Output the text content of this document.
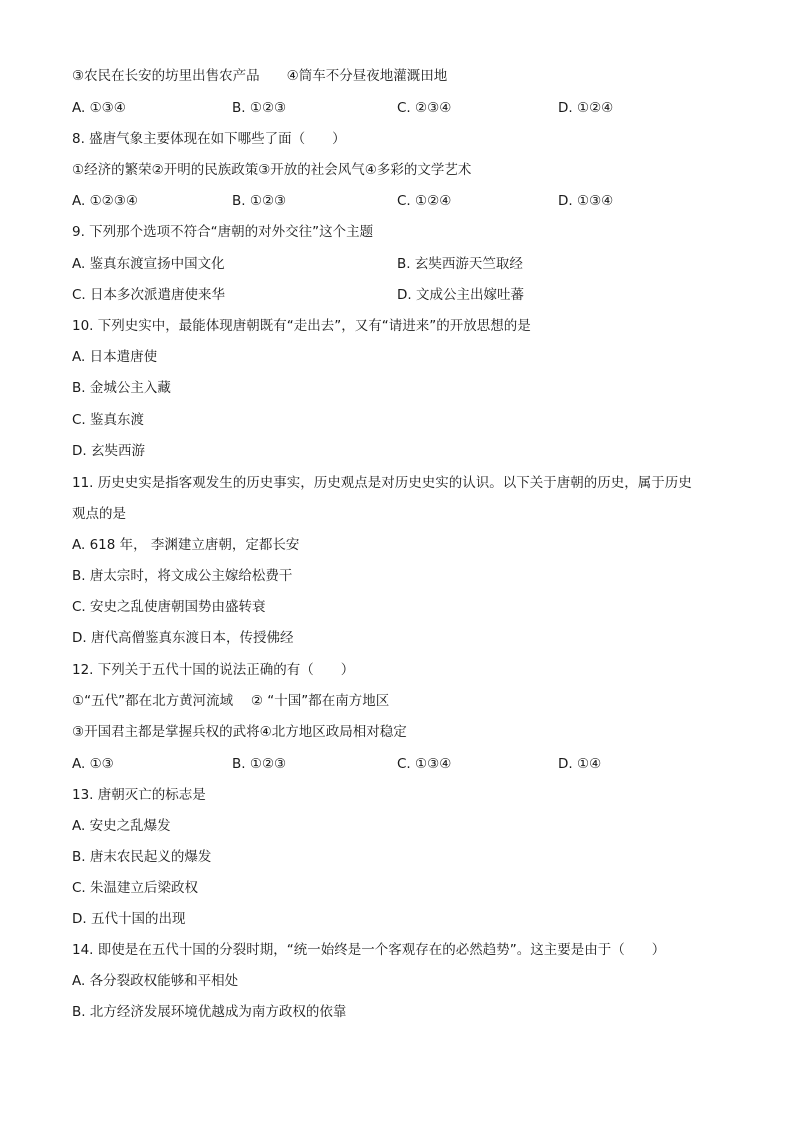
③农民在长安的坊里出售农产品　　④筒车不分昼夜地灌溉田地
A. ①③④	B. ①②③	C. ②③④	D. ①②④
8. 盛唐气象主要体现在如下哪些了面（　　）
①经济的繁荣②开明的民族政策③开放的社会风气④多彩的文学艺术
A. ①②③④	B. ①②③	C. ①②④	D. ①③④
9. 下列那个选项不符合“唐朝的对外交往”这个主题
A. 鉴真东渡宣扬中国文化	B. 玄奘西游天竺取经
C. 日本多次派遣唐使来华	D. 文成公主出嫁吐蕃
10. 下列史实中，最能体现唐朝既有“走出去”，又有“请进来”的开放思想的是
A. 日本遣唐使
B. 金城公主入藏
C. 鉴真东渡
D. 玄奘西游
11. 历史史实是指客观发生的历史事实，历史观点是对历史史实的认识。以下关于唐朝的历史，属于历史
观点的是
A. 618 年， 李渊建立唐朝，定都长安
B. 唐太宗时，将文成公主嫁给松费干
C. 安史之乱使唐朝国势由盛转衰
D. 唐代高僧鉴真东渡日本，传授佛经
12. 下列关于五代十国的说法正确的有（　　）
①“五代”都在北方黄河流域　 ② “十国”都在南方地区
③开国君主都是掌握兵权的武将④北方地区政局相对稳定
A. ①③	B. ①②③	C. ①③④	D. ①④
13. 唐朝灭亡的标志是
A. 安史之乱爆发
B. 唐末农民起义的爆发
C. 朱温建立后梁政权
D. 五代十国的出现
14. 即使是在五代十国的分裂时期，“统一始终是一个客观存在的必然趋势”。这主要是由于（　　）
A. 各分裂政权能够和平相处
B. 北方经济发展环境优越成为南方政权的依靠
